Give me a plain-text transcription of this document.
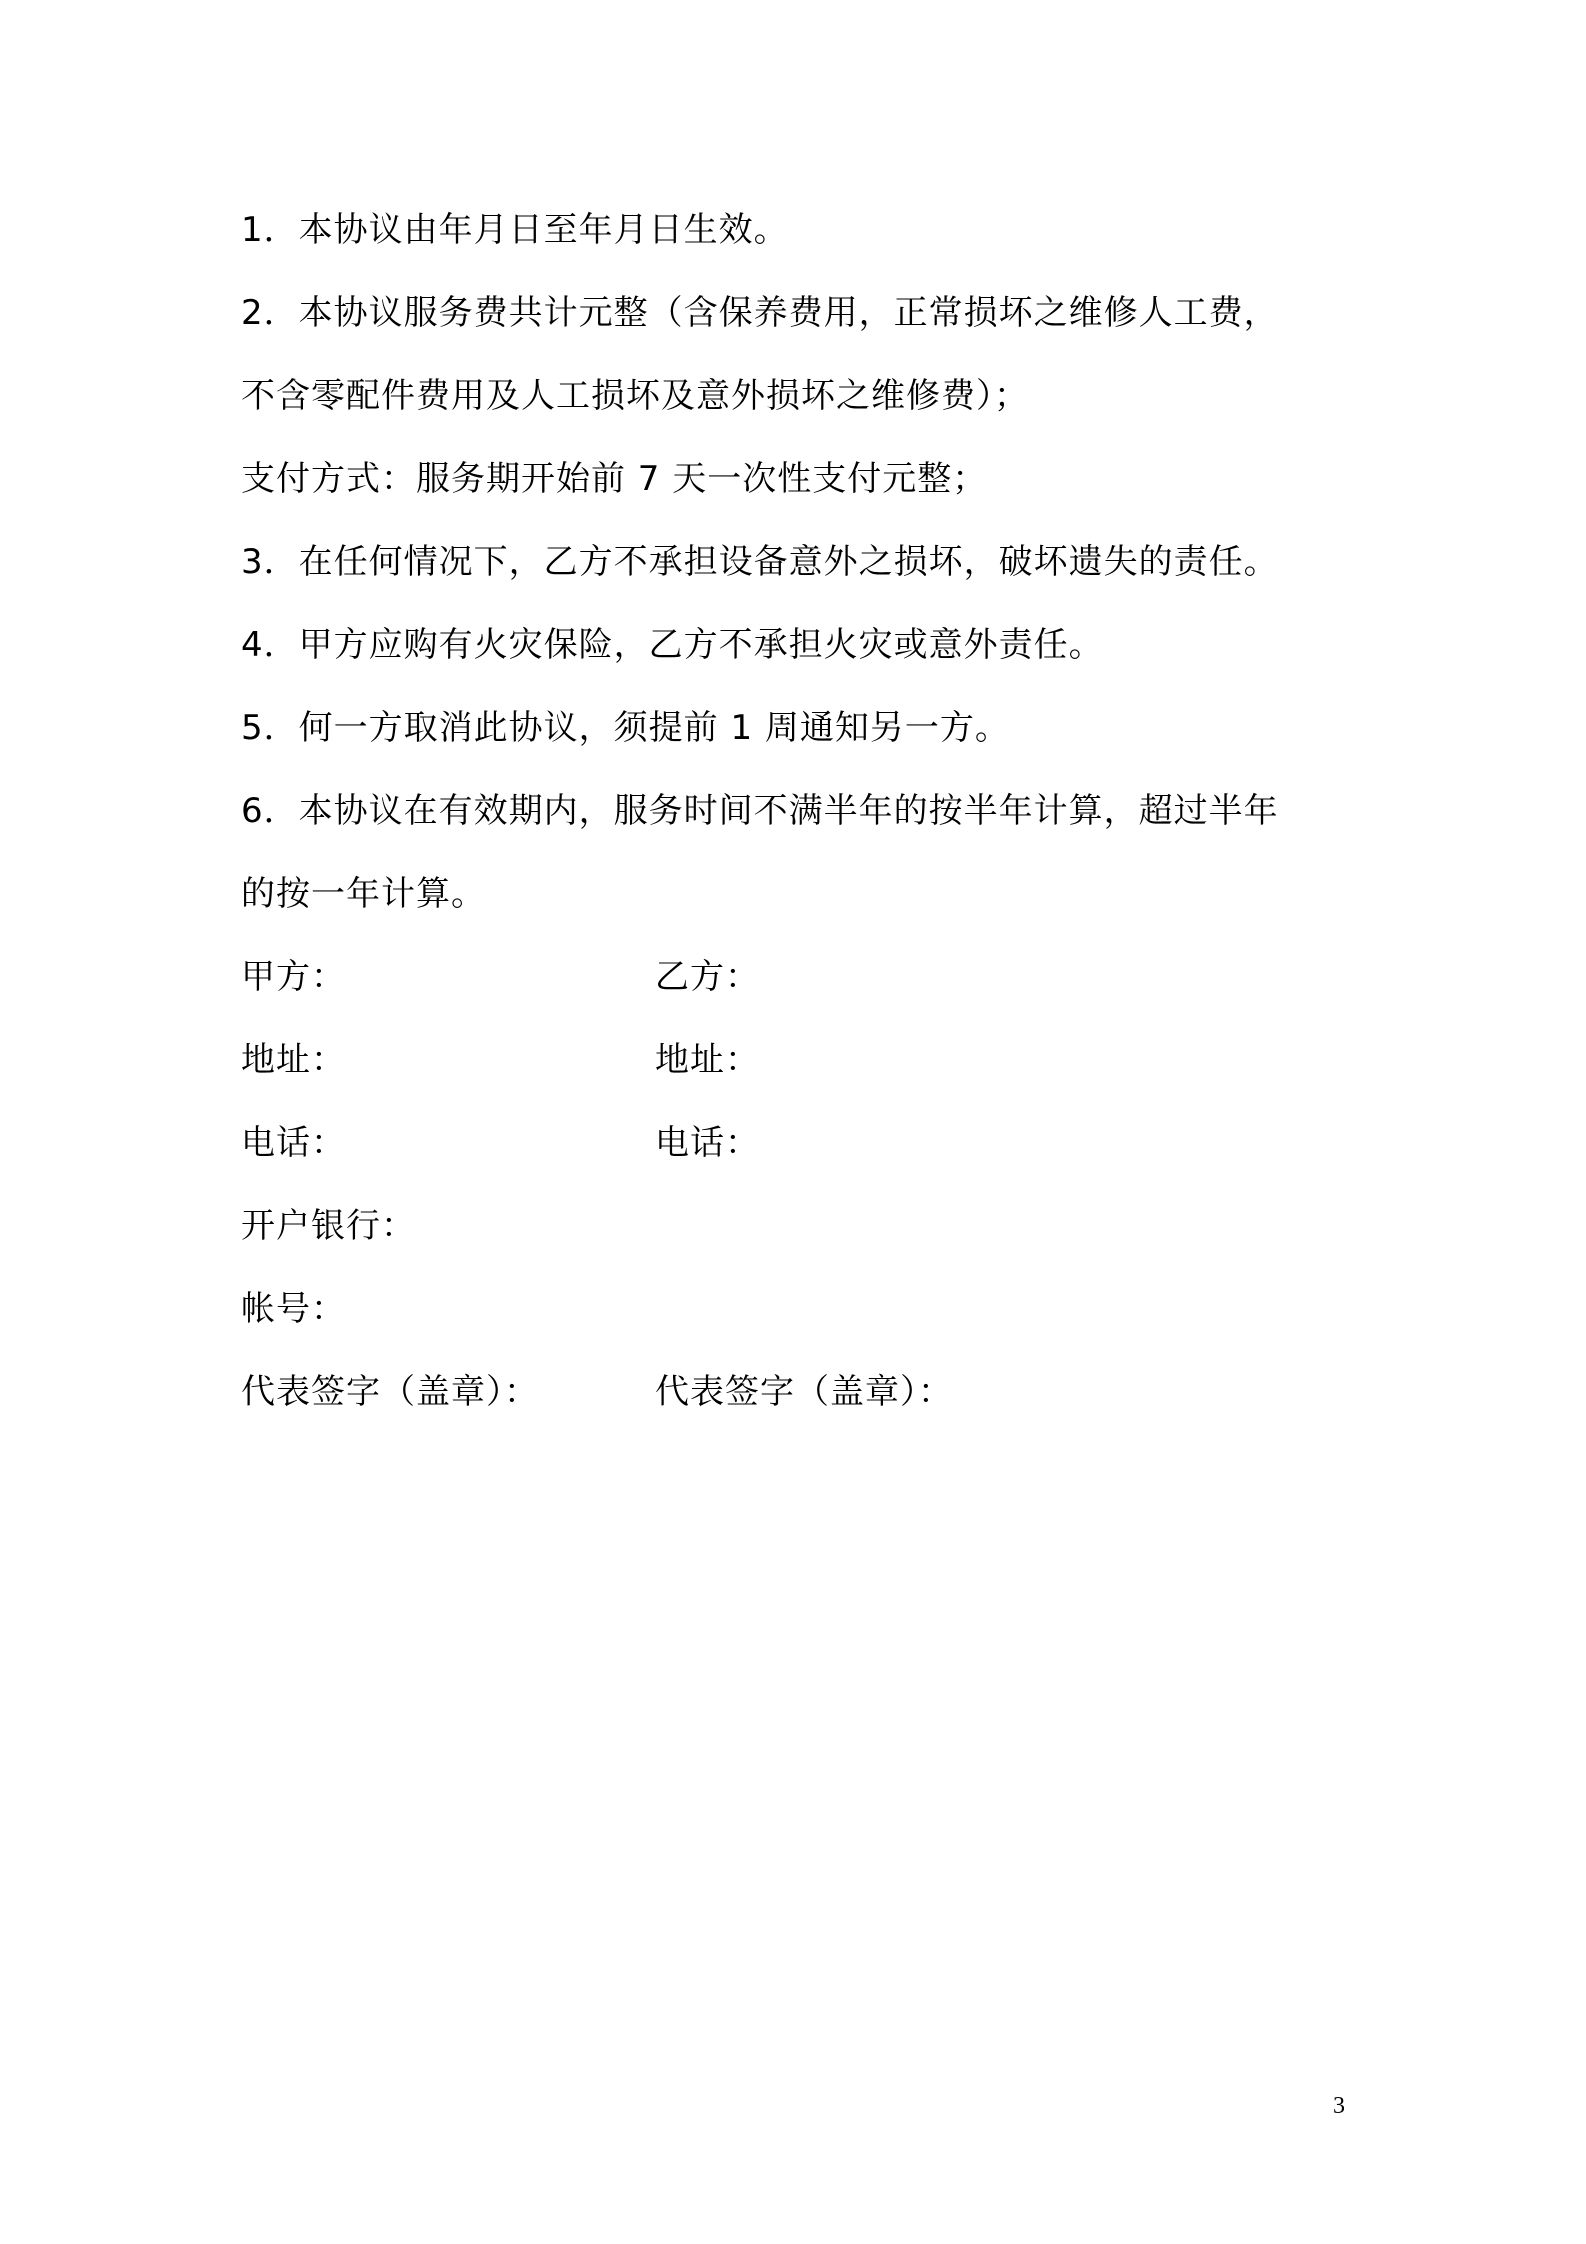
1．本协议由年月日至年月日生效。
2．本协议服务费共计元整（含保养费用，正常损坏之维修人工费，
不含零配件费用及人工损坏及意外损坏之维修费）；
支付方式：服务期开始前 7 天一次性支付元整；
3．在任何情况下，乙方不承担设备意外之损坏，破坏遗失的责任。
4．甲方应购有火灾保险，乙方不承担火灾或意外责任。
5．何一方取消此协议，须提前 1 周通知另一方。
6．本协议在有效期内，服务时间不满半年的按半年计算，超过半年
的按一年计算。
甲方：	乙方：
地址：	地址：
电话：	电话：
开户银行：
帐号：
代表签字（盖章）：	代表签字（盖章）：
3
